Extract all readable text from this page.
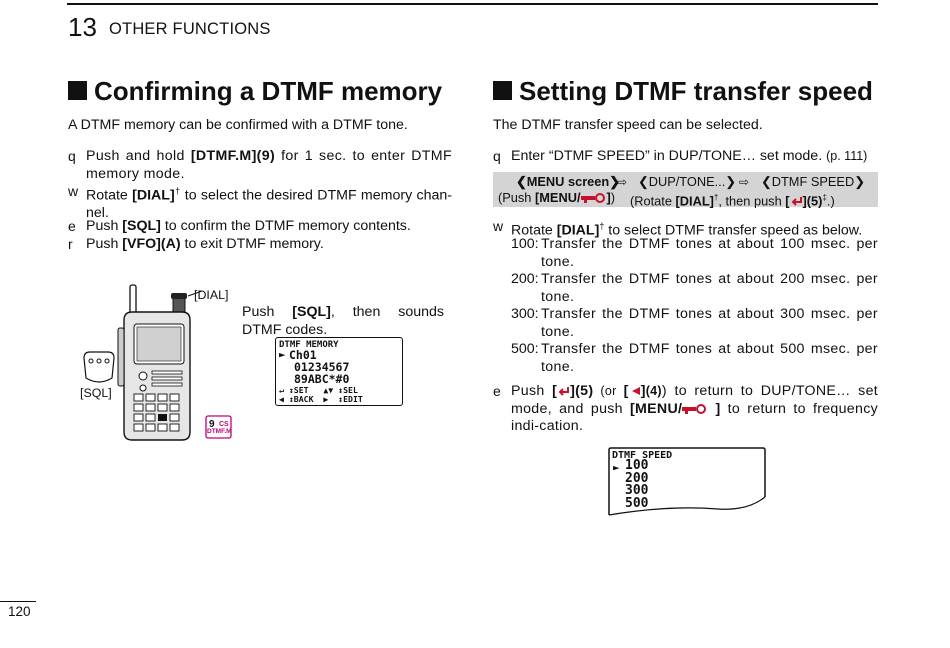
13 OTHER FUNCTIONS
Confirming a DTMF memory
A DTMF memory can be confirmed with a DTMF tone.
q Push and hold [DTMF.M](9) for 1 sec. to enter DTMF memory mode.
w Rotate [DIAL]† to select the desired DTMF memory chan-nel.
e Push [SQL] to confirm the DTMF memory contents.
r Push [VFO](A) to exit DTMF memory.
[DIAL]
[SQL]
9 CS
DTMF.M
Push [SQL], then sounds DTMF codes.
DTMF MEMORY
► Ch01
01234567
89ABC*#0
↵ ↕SET   ▲▼ ↕SEL
◀ ↕BACK  ▶  ↕EDIT
Setting DTMF transfer speed
The DTMF transfer speed can be selected.
q Enter “DTMF SPEED” in DUP/TONE… set mode. (p. 111)
❮MENU screen❯
⇨ ❮DUP/TONE...❯ ⇨ ❮DTMF SPEED❯
(Push [MENU/ ]) (Rotate [DIAL]†, then push [ ](5)‡.)
w Rotate [DIAL]† to select DTMF transfer speed as below.
100: Transfer the DTMF tones at about 100 msec. per tone.
200: Transfer the DTMF tones at about 200 msec. per tone.
300: Transfer the DTMF tones at about 300 msec. per tone.
500: Transfer the DTMF tones at about 500 msec. per tone.
e Push [ ](5) (or [ ](4)) to return to DUP/TONE… set mode, and push [MENU/ ] to return to frequency indi-cation.
DTMF SPEED
► 100
200
300
500
120
